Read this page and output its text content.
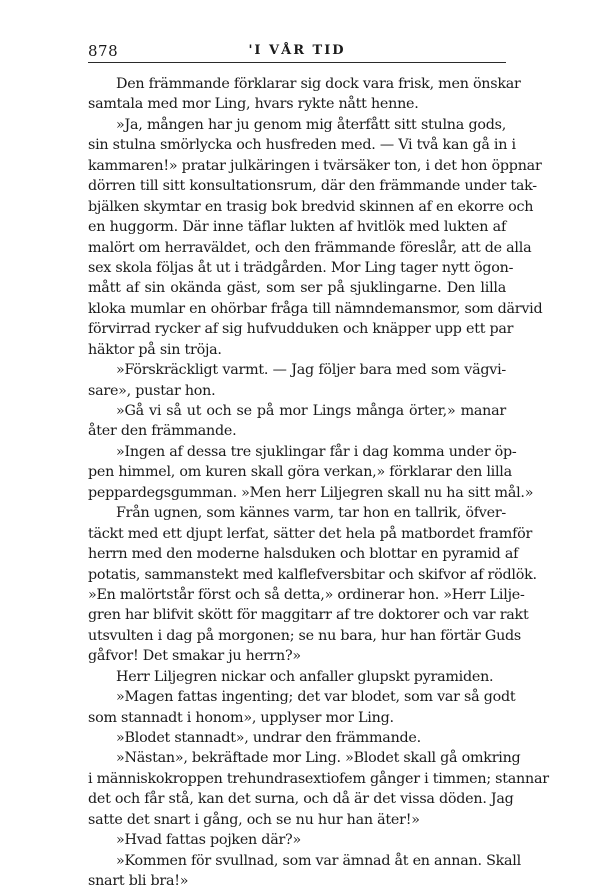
878	'I VÅR TID
Den främmande förklarar sig dock vara frisk, men önskar
samtala med mor Ling, hvars rykte nått henne.
»Ja, mången har ju genom mig återfått sitt stulna gods,
sin stulna smörlycka och husfreden med. — Vi två kan gå in i
kammaren!» pratar julkäringen i tvärsäker ton, i det hon öppnar
dörren till sitt konsultationsrum, där den främmande under tak-
bjälken skymtar en trasig bok bredvid skinnen af en ekorre och
en huggorm. Där inne täflar lukten af hvitlök med lukten af
malört om herraväldet, och den främmande föreslår, att de alla
sex skola följas åt ut i trädgården. Mor Ling tager nytt ögon-
mått af sin okända gäst, som ser på sjuklingarne. Den lilla
kloka mumlar en ohörbar fråga till nämndemansmor, som därvid
förvirrad rycker af sig hufvudduken och knäpper upp ett par
häktor på sin tröja.
»Förskräckligt varmt. — Jag följer bara med som vägvi-
sare», pustar hon.
»Gå vi så ut och se på mor Lings många örter,» manar
åter den främmande.
»Ingen af dessa tre sjuklingar får i dag komma under öp-
pen himmel, om kuren skall göra verkan,» förklarar den lilla
peppardegsgumman. »Men herr Liljegren skall nu ha sitt mål.»
Från ugnen, som kännes varm, tar hon en tallrik, öfver-
täckt med ett djupt lerfat, sätter det hela på matbordet framför
herrn med den moderne halsduken och blottar en pyramid af
potatis, sammanstekt med kalflefversbitar och skifvor af rödlök.
»En malörtstår först och så detta,» ordinerar hon. »Herr Lilje-
gren har blifvit skött för maggitarr af tre doktorer och var rakt
utsvulten i dag på morgonen; se nu bara, hur han förtär Guds
gåfvor! Det smakar ju herrn?»
Herr Liljegren nickar och anfaller glupskt pyramiden.
»Magen fattas ingenting; det var blodet, som var så godt
som stannadt i honom», upplyser mor Ling.
»Blodet stannadt», undrar den främmande.
»Nästan», bekräftade mor Ling. »Blodet skall gå omkring
i människokroppen trehundrasextiofem gånger i timmen; stannar
det och får stå, kan det surna, och då är det vissa döden. Jag
satte det snart i gång, och se nu hur han äter!»
»Hvad fattas pojken där?»
»Kommen för svullnad, som var ämnad åt en annan. Skall
snart bli bra!»
